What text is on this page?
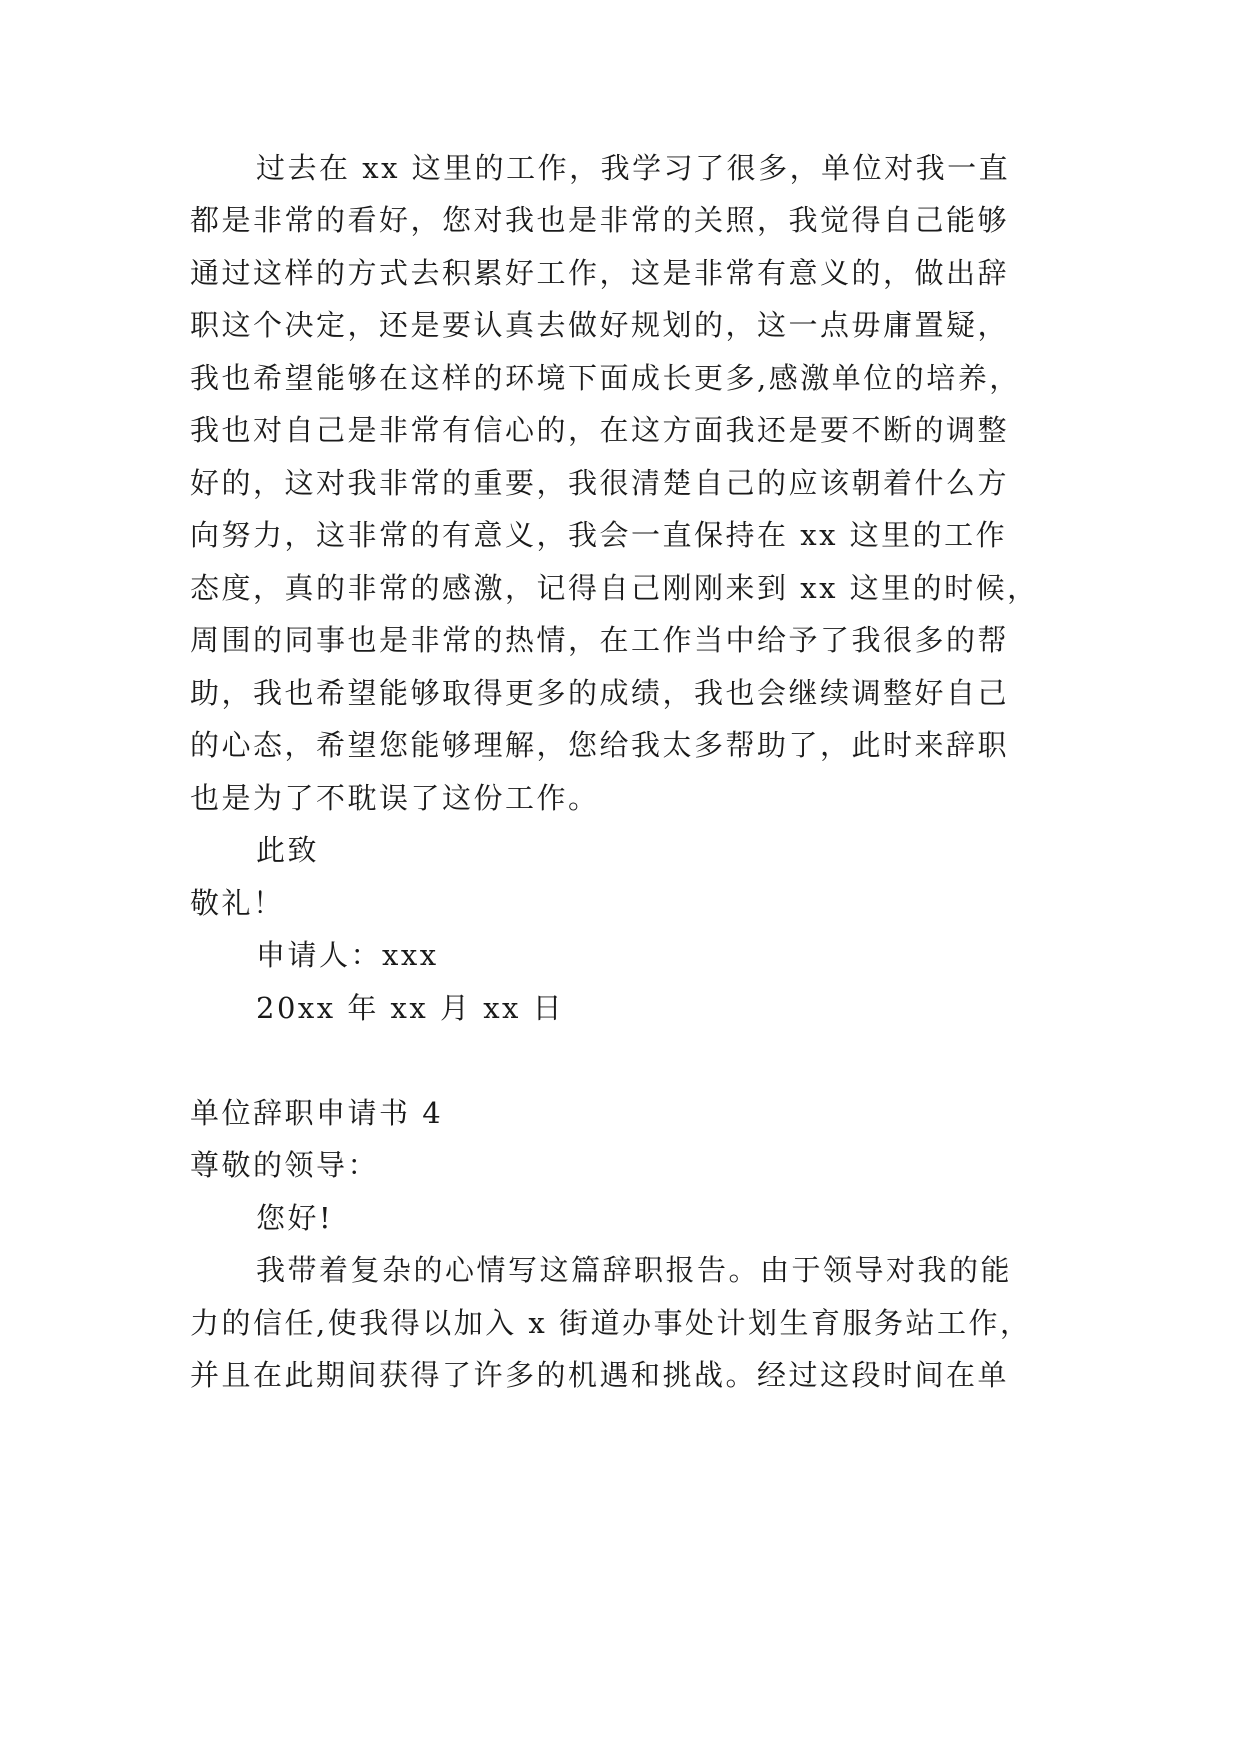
过去在 xx 这里的工作，我学习了很多，单位对我一直
都是非常的看好，您对我也是非常的关照，我觉得自己能够
通过这样的方式去积累好工作，这是非常有意义的，做出辞
职这个决定，还是要认真去做好规划的，这一点毋庸置疑，
我也希望能够在这样的环境下面成长更多,感激单位的培养，
我也对自己是非常有信心的，在这方面我还是要不断的调整
好的，这对我非常的重要，我很清楚自己的应该朝着什么方
向努力，这非常的有意义，我会一直保持在 xx 这里的工作
态度，真的非常的感激，记得自己刚刚来到 xx 这里的时候，
周围的同事也是非常的热情，在工作当中给予了我很多的帮
助，我也希望能够取得更多的成绩，我也会继续调整好自己
的心态，希望您能够理解，您给我太多帮助了，此时来辞职
也是为了不耽误了这份工作。
此致
敬礼！
申请人：xxx
20xx 年 xx 月 xx 日
单位辞职申请书 4
尊敬的领导：
您好!
我带着复杂的心情写这篇辞职报告。由于领导对我的能
力的信任,使我得以加入 x 街道办事处计划生育服务站工作，
并且在此期间获得了许多的机遇和挑战。经过这段时间在单
